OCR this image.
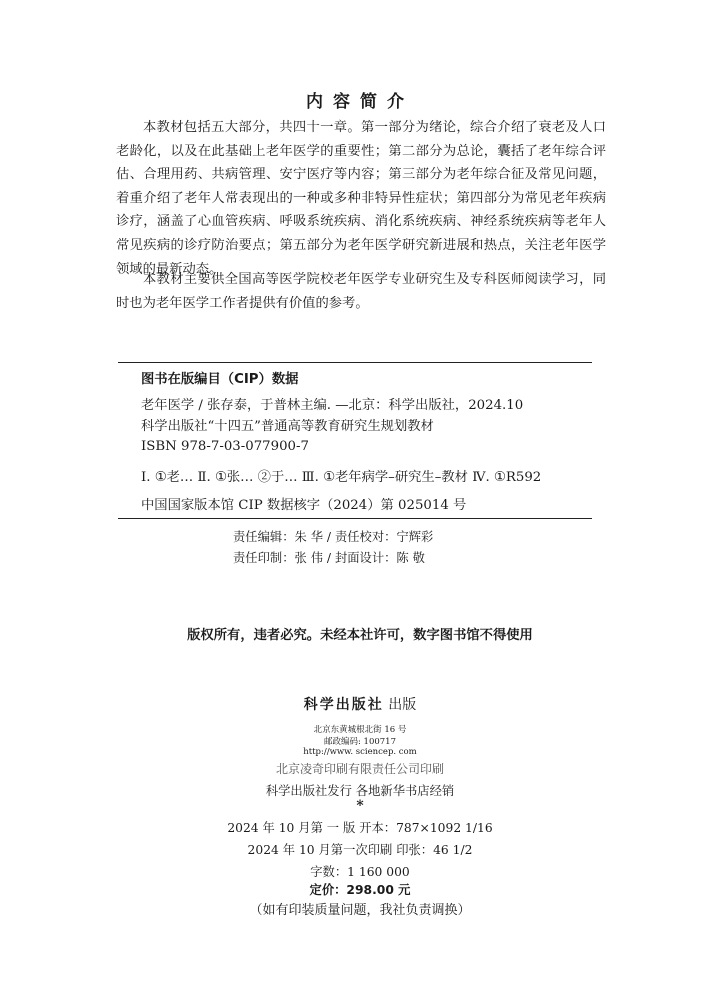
内容简介

本教材包括五大部分，共四十一章。第一部分为绪论，综合介绍了衰老及人口老龄化，以及在此基础上老年医学的重要性；第二部分为总论，囊括了老年综合评估、合理用药、共病管理、安宁医疗等内容；第三部分为老年综合征及常见问题，着重介绍了老年人常表现出的一种或多种非特异性症状；第四部分为常见老年疾病诊疗，涵盖了心血管疾病、呼吸系统疾病、消化系统疾病、神经系统疾病等老年人常见疾病的诊疗防治要点；第五部分为老年医学研究新进展和热点，关注老年医学领域的最新动态。

本教材主要供全国高等医学院校老年医学专业研究生及专科医师阅读学习，同时也为老年医学工作者提供有价值的参考。

图书在版编目（CIP）数据
老年医学 / 张存泰，于普林主编. —北京：科学出版社，2024.10
科学出版社“十四五”普通高等教育研究生规划教材
ISBN 978-7-03-077900-7
Ⅰ. ①老… Ⅱ. ①张… ②于… Ⅲ. ①老年病学–研究生–教材 Ⅳ. ①R592
中国国家版本馆 CIP 数据核字（2024）第 025014 号
责任编辑：朱 华 / 责任校对：宁辉彩
责任印制：张 伟 / 封面设计：陈 敬
版权所有，违者必究。未经本社许可，数字图书馆不得使用
科学出版社 出版
北京东黄城根北街 16 号
邮政编码: 100717
http://www. sciencep. com
北京凌奇印刷有限责任公司印刷
科学出版社发行 各地新华书店经销
*
2024 年 10 月第 一 版 开本：787×1092 1/16
2024 年 10 月第一次印刷 印张：46 1/2
字数：1 160 000
定价：298.00 元
（如有印装质量问题，我社负责调换）
